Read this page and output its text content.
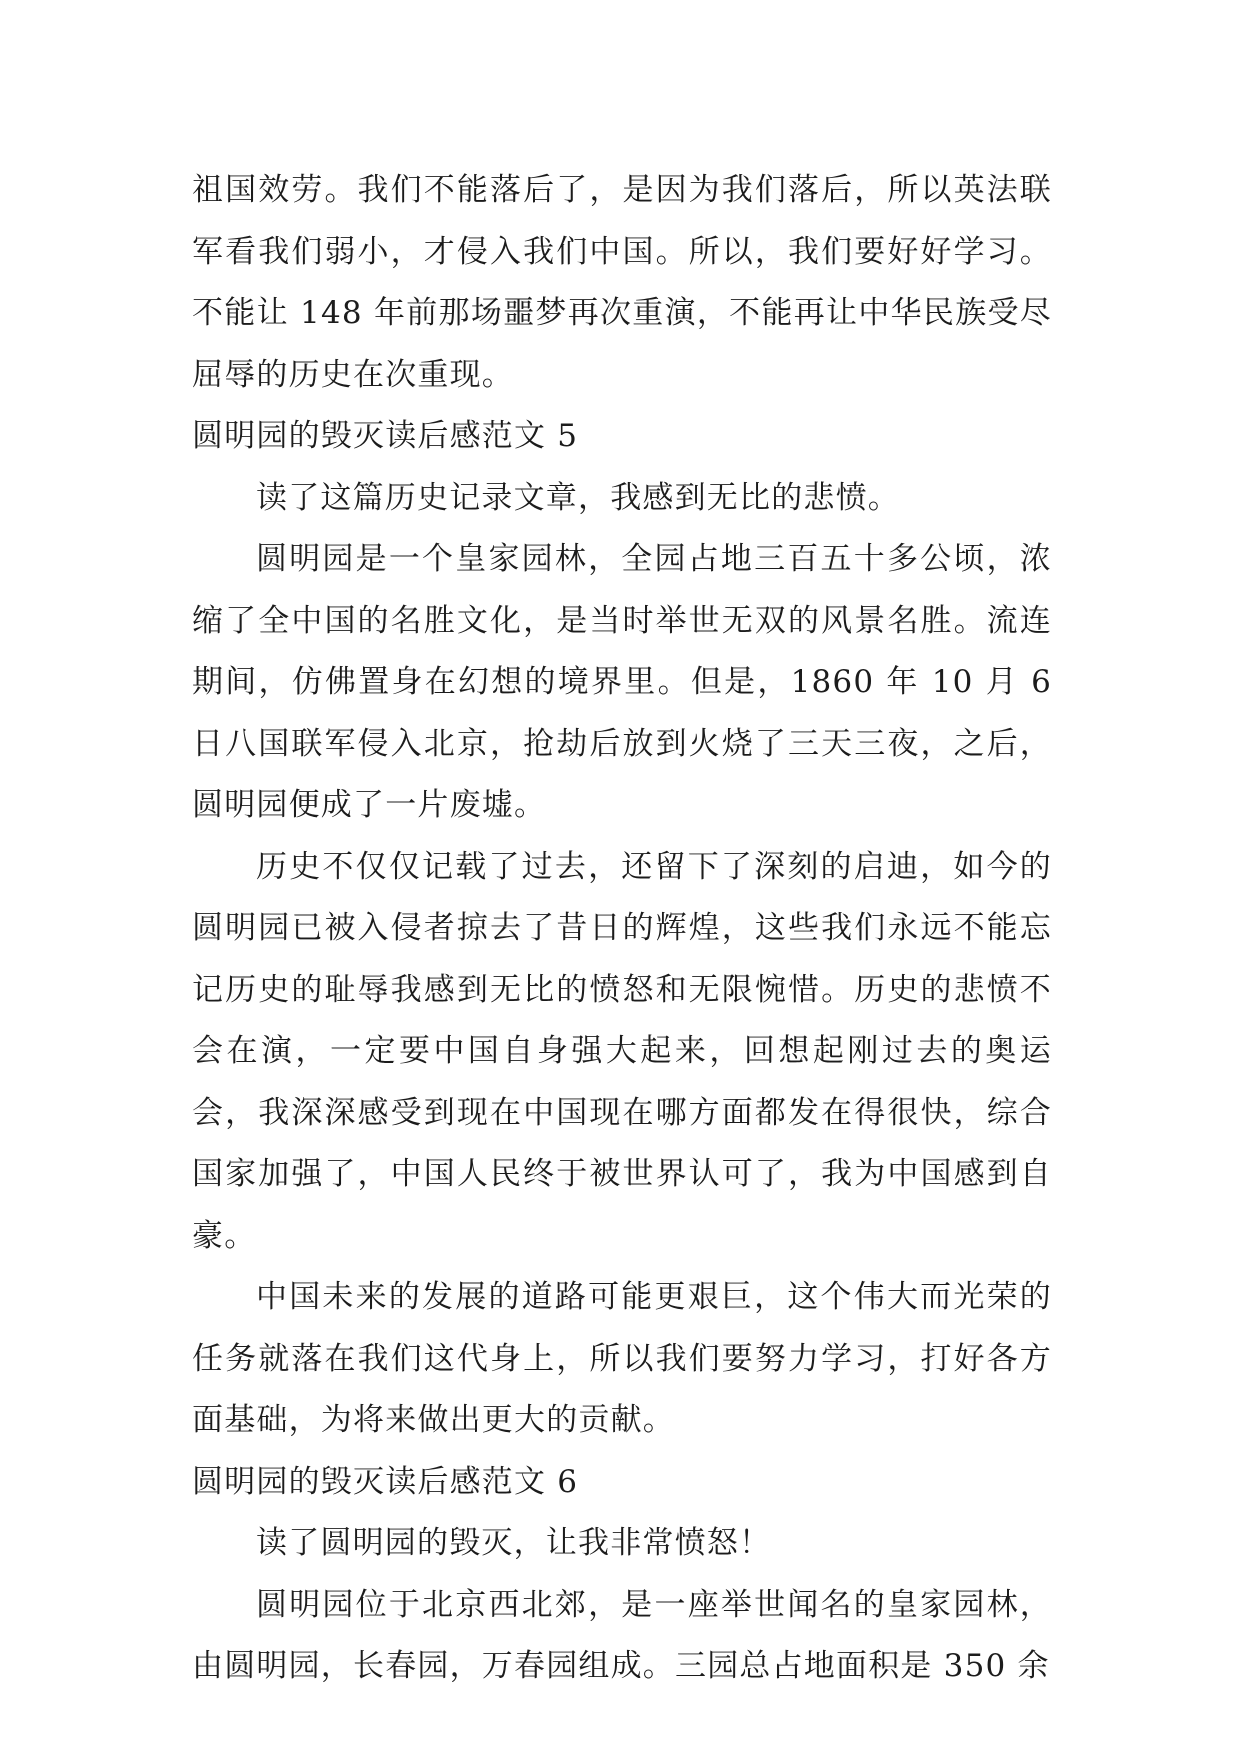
祖国效劳。我们不能落后了，是因为我们落后，所以英法联军看我们弱小，才侵入我们中国。所以，我们要好好学习。不能让 148 年前那场噩梦再次重演，不能再让中华民族受尽屈辱的历史在次重现。

圆明园的毁灭读后感范文 5

读了这篇历史记录文章，我感到无比的悲愤。

圆明园是一个皇家园林，全园占地三百五十多公顷，浓缩了全中国的名胜文化，是当时举世无双的风景名胜。流连期间，仿佛置身在幻想的境界里。但是，1860 年 10 月 6 日八国联军侵入北京，抢劫后放到火烧了三天三夜，之后，圆明园便成了一片废墟。

历史不仅仅记载了过去，还留下了深刻的启迪，如今的圆明园已被入侵者掠去了昔日的辉煌，这些我们永远不能忘记历史的耻辱我感到无比的愤怒和无限惋惜。历史的悲愤不会在演，一定要中国自身强大起来，回想起刚过去的奥运会，我深深感受到现在中国现在哪方面都发在得很快，综合国家加强了，中国人民终于被世界认可了，我为中国感到自豪。

中国未来的发展的道路可能更艰巨，这个伟大而光荣的任务就落在我们这代身上，所以我们要努力学习，打好各方面基础，为将来做出更大的贡献。

圆明园的毁灭读后感范文 6

读了圆明园的毁灭，让我非常愤怒！

圆明园位于北京西北郊，是一座举世闻名的皇家园林，由圆明园，长春园，万春园组成。三园总占地面积是 350 余
